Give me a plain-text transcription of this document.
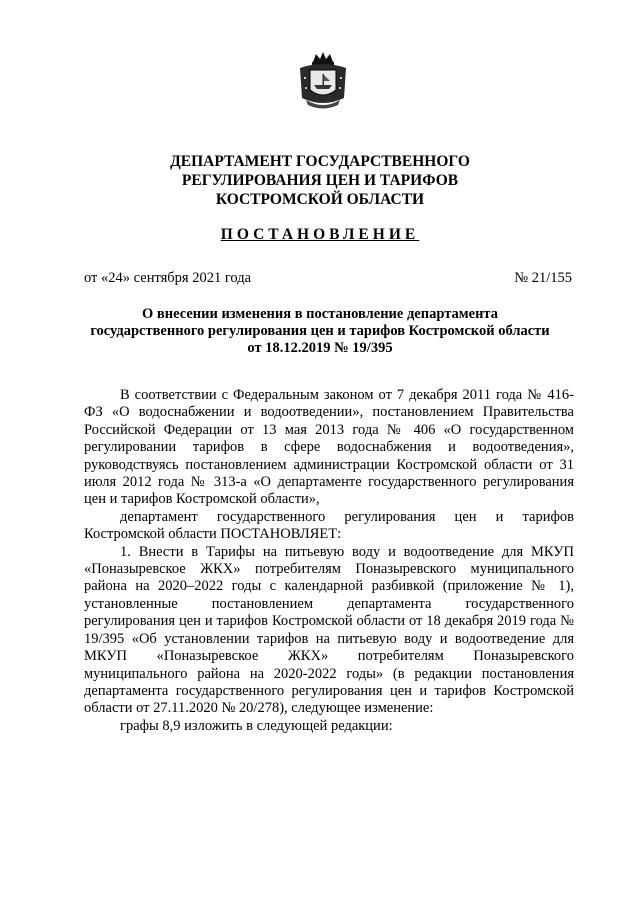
ДЕПАРТАМЕНТ ГОСУДАРСТВЕННОГО
РЕГУЛИРОВАНИЯ ЦЕН И ТАРИФОВ
КОСТРОМСКОЙ ОБЛАСТИ
ПОСТАНОВЛЕНИЕ
от «24» сентября 2021 года	№ 21/155
О внесении изменения в постановление департамента
государственного регулирования цен и тарифов Костромской области
от 18.12.2019 № 19/395

В соответствии с Федеральным законом от 7 декабря 2011 года № 416-ФЗ «О водоснабжении и водоотведении», постановлением Правительства Российской Федерации от 13 мая 2013 года № 406 «О государственном регулировании тарифов в сфере водоснабжения и водоотведения», руководствуясь постановлением администрации Костромской области от 31 июля 2012 года № 313-а «О департаменте государственного регулирования цен и тарифов Костромской области»,

департамент государственного регулирования цен и тарифов Костромской области ПОСТАНОВЛЯЕТ:

1. Внести в Тарифы на питьевую воду и водоотведение для МКУП «Поназыревское ЖКХ» потребителям Поназыревского муниципального района на 2020–2022 годы с календарной разбивкой (приложение № 1), установленные постановлением департамента государственного регулирования цен и тарифов Костромской области от 18 декабря 2019 года № 19/395 «Об установлении тарифов на питьевую воду и водоотведение для МКУП «Поназыревское ЖКХ» потребителям Поназыревского муниципального района на 2020-2022 годы» (в редакции постановления департамента государственного регулирования цен и тарифов Костромской области от 27.11.2020 № 20/278), следующее изменение:

графы 8,9 изложить в следующей редакции:
